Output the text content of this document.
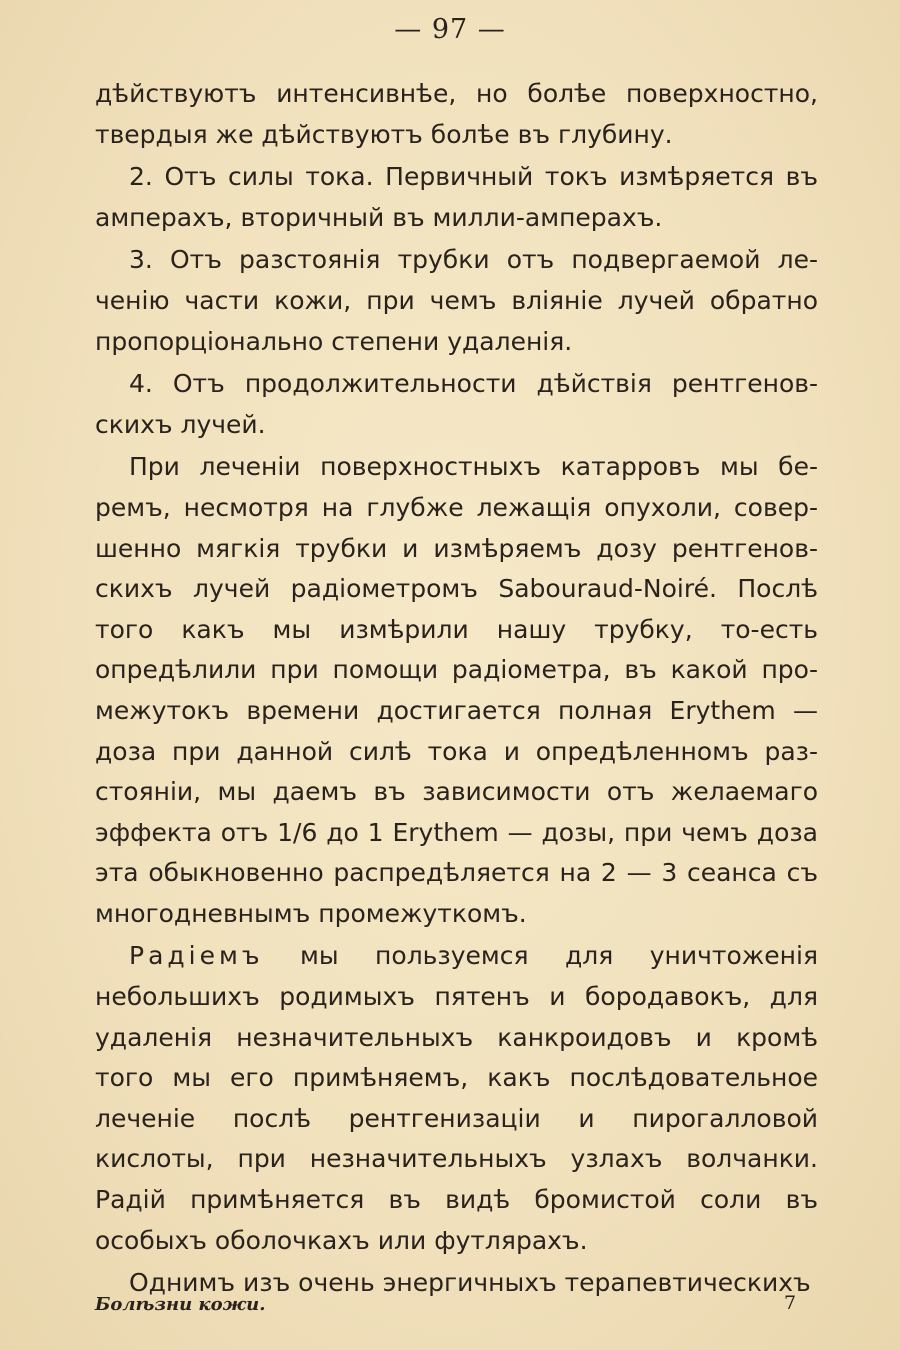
— 97 —

дѣйствуютъ интенсивнѣе, но болѣе поверхностно, твердыя же дѣйствуютъ болѣе въ глубину.

2. Отъ силы тока. Первичный токъ измѣряется въ амперахъ, вторичный въ милли-амперахъ.

3. Отъ разстоянія трубки отъ подвергаемой леченію части кожи, при чемъ вліяніе лучей обратно пропорціонально степени удаленія.

4. Отъ продолжительности дѣйствія рентгеновскихъ лучей.

При леченіи поверхностныхъ катарровъ мы беремъ, несмотря на глубже лежащія опухоли, совершенно мягкія трубки и измѣряемъ дозу рентгеновскихъ лучей радіометромъ Sabouraud-Noiré. Послѣ того какъ мы измѣрили нашу трубку, то-есть опредѣлили при помощи радіометра, въ какой промежутокъ времени достигается полная Erythem — доза при данной силѣ тока и опредѣленномъ разстояніи, мы даемъ въ зависимости отъ желаемаго эффекта отъ 1/6 до 1 Erythem — дозы, при чемъ доза эта обыкновенно распредѣляется на 2 — 3 сеанса съ многодневнымъ промежуткомъ.

Радіемъ мы пользуемся для уничтоженія небольшихъ родимыхъ пятенъ и бородавокъ, для удаленія незначительныхъ канкроидовъ и кромѣ того мы его примѣняемъ, какъ послѣдовательное леченіе послѣ рентгенизаціи и пирогалловой кислоты, при незначительныхъ узлахъ волчанки. Радій примѣняется въ видѣ бромистой соли въ особыхъ оболочкахъ или футлярахъ.

Однимъ изъ очень энергичныхъ терапевтическихъ

Болѣзни кожи.	7
